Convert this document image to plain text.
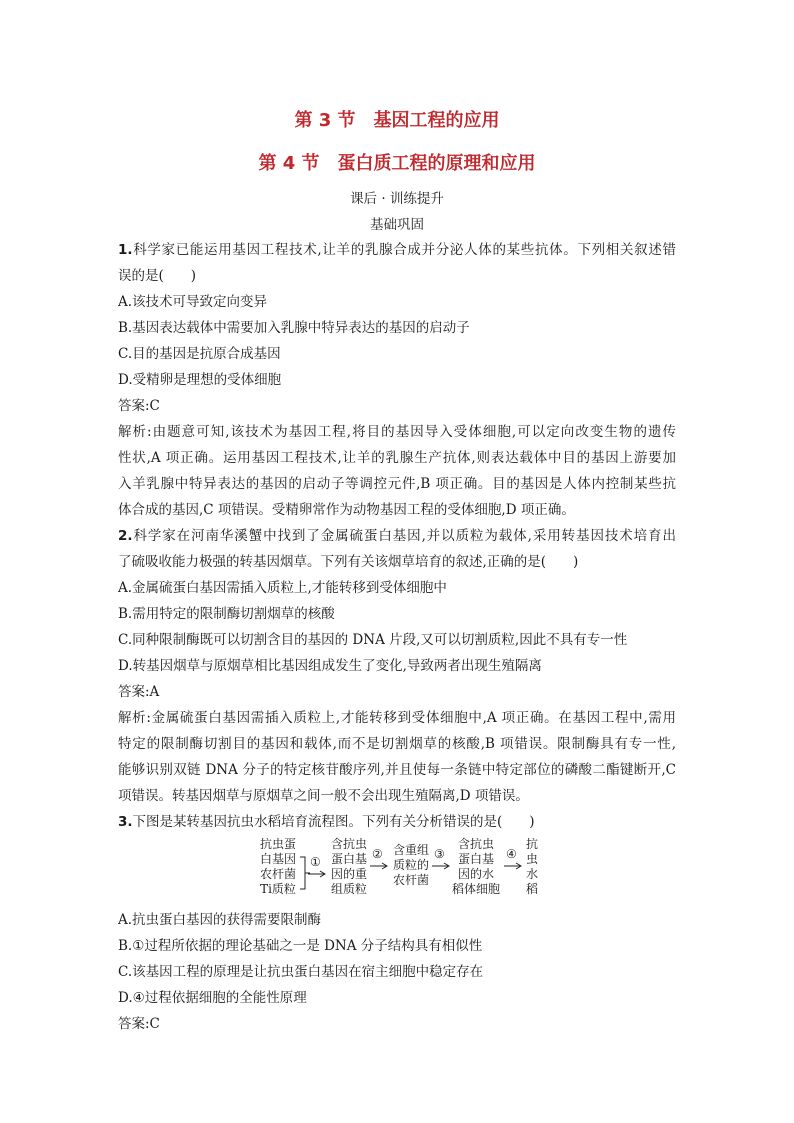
第 3 节　基因工程的应用
第 4 节　蛋白质工程的原理和应用
课后 · 训练提升
基础巩固
1.科学家已能运用基因工程技术,让羊的乳腺合成并分泌人体的某些抗体。下列相关叙述错
误的是(　　)
A.该技术可导致定向变异
B.基因表达载体中需要加入乳腺中特异表达的基因的启动子
C.目的基因是抗原合成基因
D.受精卵是理想的受体细胞
答案:C
解析:由题意可知,该技术为基因工程,将目的基因导入受体细胞,可以定向改变生物的遗传
性状,A 项正确。运用基因工程技术,让羊的乳腺生产抗体,则表达载体中目的基因上游要加
入羊乳腺中特异表达的基因的启动子等调控元件,B 项正确。目的基因是人体内控制某些抗
体合成的基因,C 项错误。受精卵常作为动物基因工程的受体细胞,D 项正确。
2.科学家在河南华溪蟹中找到了金属硫蛋白基因,并以质粒为载体,采用转基因技术培育出
了硫吸收能力极强的转基因烟草。下列有关该烟草培育的叙述,正确的是(　　)
A.金属硫蛋白基因需插入质粒上,才能转移到受体细胞中
B.需用特定的限制酶切割烟草的核酸
C.同种限制酶既可以切割含目的基因的 DNA 片段,又可以切割质粒,因此不具有专一性
D.转基因烟草与原烟草相比基因组成发生了变化,导致两者出现生殖隔离
答案:A
解析:金属硫蛋白基因需插入质粒上,才能转移到受体细胞中,A 项正确。在基因工程中,需用
特定的限制酶切割目的基因和载体,而不是切割烟草的核酸,B 项错误。限制酶具有专一性,
能够识别双链 DNA 分子的特定核苷酸序列,并且使每一条链中特定部位的磷酸二酯键断开,C
项错误。转基因烟草与原烟草之间一般不会出现生殖隔离,D 项错误。
3.下图是某转基因抗虫水稻培育流程图。下列有关分析错误的是(　　)
抗虫蛋
白基因
农杆菌
Ti质粒
①
含抗虫
蛋白基
因的重
组质粒
② 含重组
质粒的
农杆菌
③
含抗虫
蛋白基
因的水
稻体细胞
④
抗
虫
水
稻
A.抗虫蛋白基因的获得需要限制酶
B.①过程所依据的理论基础之一是 DNA 分子结构具有相似性
C.该基因工程的原理是让抗虫蛋白基因在宿主细胞中稳定存在
D.④过程依据细胞的全能性原理
答案:C
